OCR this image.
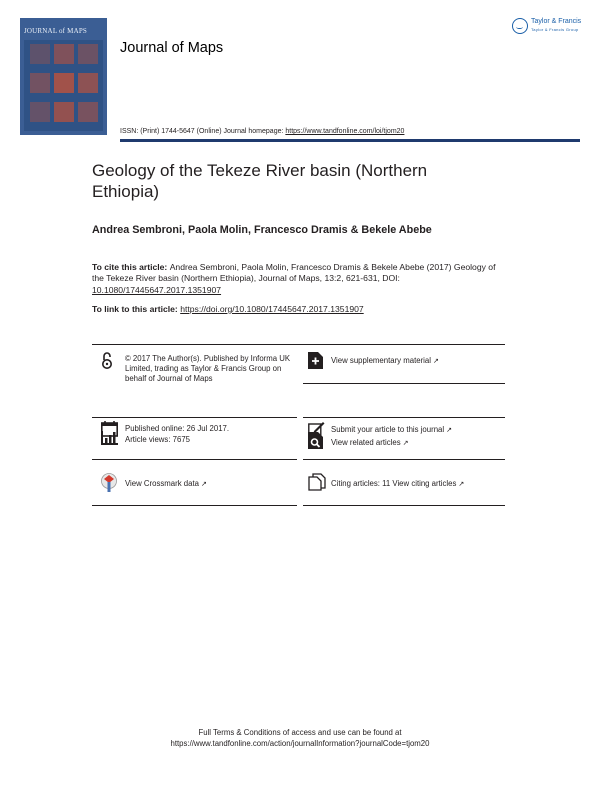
JOURNAL of MAPS
Journal of Maps
ISSN: (Print) 1744-5647 (Online) Journal homepage: https://www.tandfonline.com/loi/tjom20
Taylor & Francis
Taylor & Francis Group
Geology of the Tekeze River basin (Northern Ethiopia)
Andrea Sembroni, Paola Molin, Francesco Dramis & Bekele Abebe
To cite this article: Andrea Sembroni, Paola Molin, Francesco Dramis & Bekele Abebe (2017) Geology of the Tekeze River basin (Northern Ethiopia), Journal of Maps, 13:2, 621-631, DOI: 10.1080/17445647.2017.1351907
To link to this article: https://doi.org/10.1080/17445647.2017.1351907
© 2017 The Author(s). Published by Informa UK Limited, trading as Taylor & Francis Group on behalf of Journal of Maps
View supplementary material ↗
Published online: 26 Jul 2017.	Submit your article to this journal ↗
Article views: 7675	View related articles ↗
View Crossmark data ↗	Citing articles: 11 View citing articles ↗
Full Terms & Conditions of access and use can be found at
https://www.tandfonline.com/action/journalInformation?journalCode=tjom20
